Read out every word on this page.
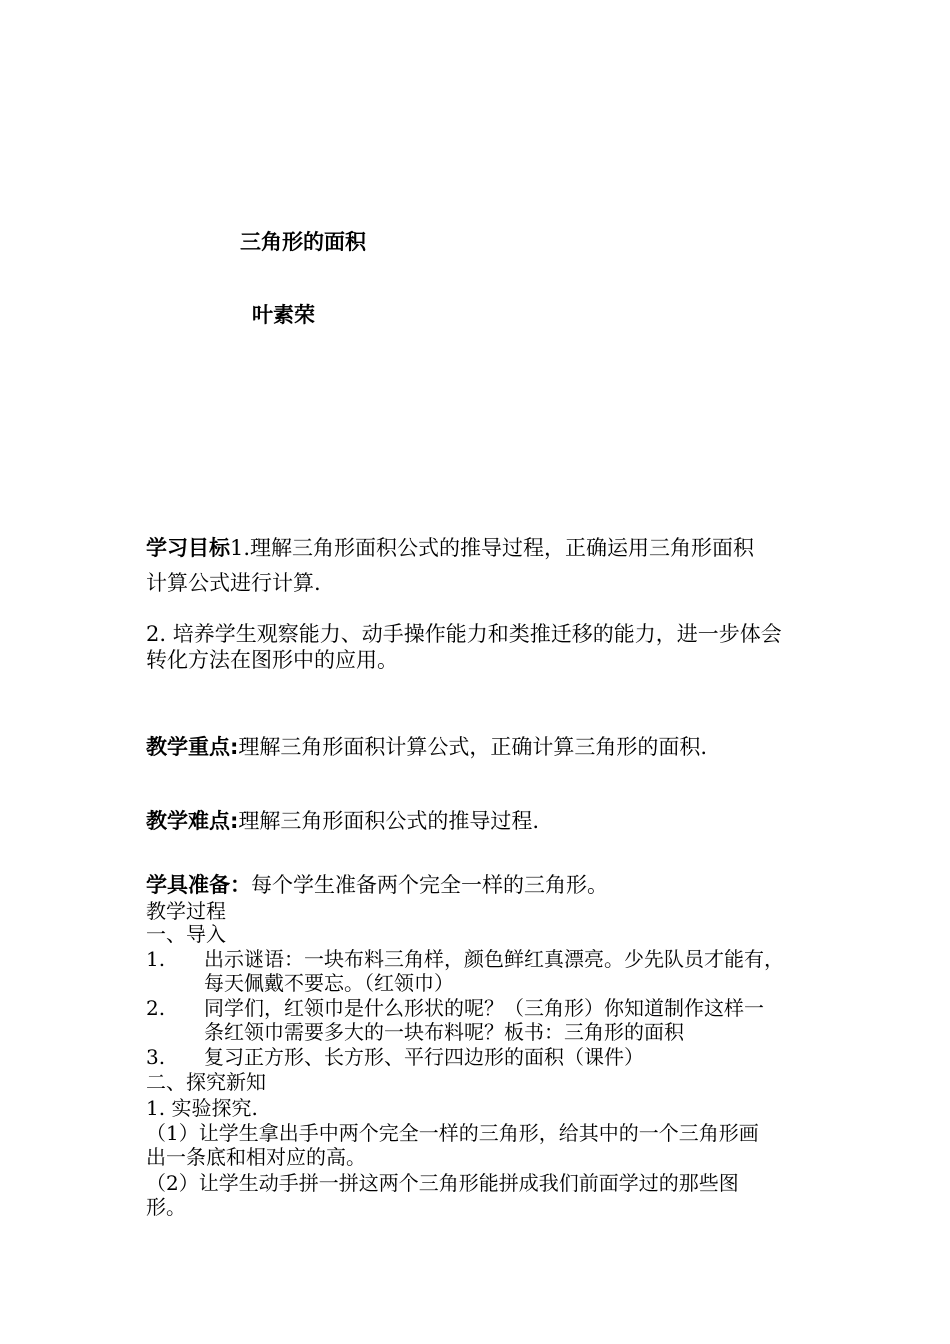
三角形的面积
叶素荣
学习目标1.理解三角形面积公式的推导过程，正确运用三角形面积
计算公式进行计算.
2. 培养学生观察能力、动手操作能力和类推迁移的能力，进一步体会
转化方法在图形中的应用。
教学重点:理解三角形面积计算公式，正确计算三角形的面积.
教学难点:理解三角形面积公式的推导过程.
学具准备：每个学生准备两个完全一样的三角形。
教学过程
一、导入
1. 出示谜语：一块布料三角样，颜色鲜红真漂亮。少先队员才能有，
每天佩戴不要忘。（红领巾）
2. 同学们，红领巾是什么形状的呢？（三角形）你知道制作这样一
条红领巾需要多大的一块布料呢？板书：三角形的面积
3. 复习正方形、长方形、平行四边形的面积（课件）
二、探究新知
1. 实验探究.
（1）让学生拿出手中两个完全一样的三角形，给其中的一个三角形画
出一条底和相对应的高。
（2）让学生动手拼一拼这两个三角形能拼成我们前面学过的那些图
形。
